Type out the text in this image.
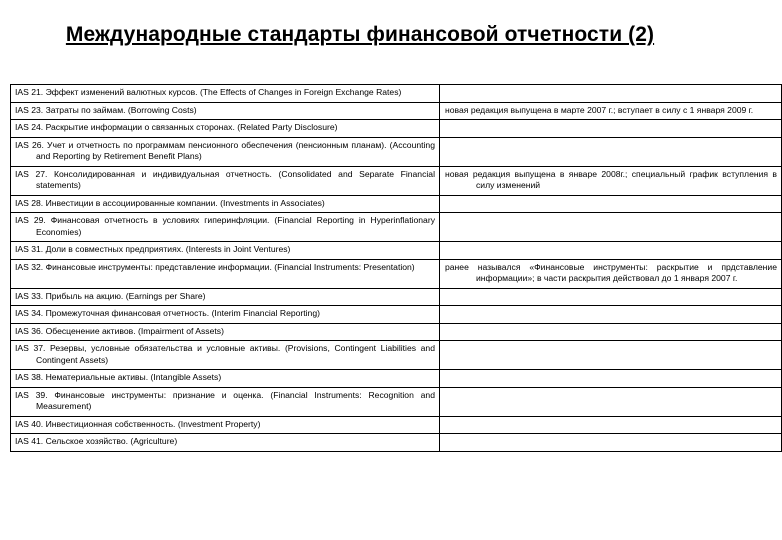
Международные стандарты финансовой отчетности (2)
IAS 21. Эффект изменений валютных курсов. (The Effects of Changes in Foreign Exchange Rates)	
IAS 23. Затраты по займам. (Borrowing Costs)	новая редакция выпущена в марте 2007 г.; вступает в силу с 1 января 2009 г.
IAS 24. Раскрытие информации о связанных сторонах. (Related Party Disclosure)	
IAS 26. Учет и отчетность по программам пенсионного обеспечения (пенсионным планам). (Accounting and Reporting by Retirement Benefit Plans)	
IAS 27. Консолидированная и индивидуальная отчетность. (Consolidated and Separate Financial statements)	новая редакция выпущена в январе 2008г.; специальный график вступления в силу изменений
IAS 28. Инвестиции в ассоциированные компании. (Investments in Associates)	
IAS 29. Финансовая отчетность в условиях гиперинфляции. (Financial Reporting in Hyperinflationary Economies)	
IAS 31. Доли в совместных предприятиях. (Interests in Joint Ventures)	
IAS 32. Финансовые инструменты: представление информации. (Financial Instruments: Presentation)	ранее назывался «Финансовые инструменты: раскрытие и прдставление информации»; в части раскрытия действовал до 1 января 2007 г.
IAS 33. Прибыль на акцию. (Earnings per Share)	
IAS 34. Промежуточная финансовая отчетность. (Interim Financial Reporting)	
IAS 36. Обесценение активов. (Impairment of Assets)	
IAS 37. Резервы, условные обязательства и условные активы. (Provisions, Contingent Liabilities and Contingent Assets)	
IAS 38. Нематериальные активы. (Intangible Assets)	
IAS 39. Финансовые инструменты: признание и оценка. (Financial Instruments: Recognition and Measurement)	
IAS 40. Инвестиционная собственность. (Investment Property)	
IAS 41. Сельское хозяйство. (Agriculture)	
